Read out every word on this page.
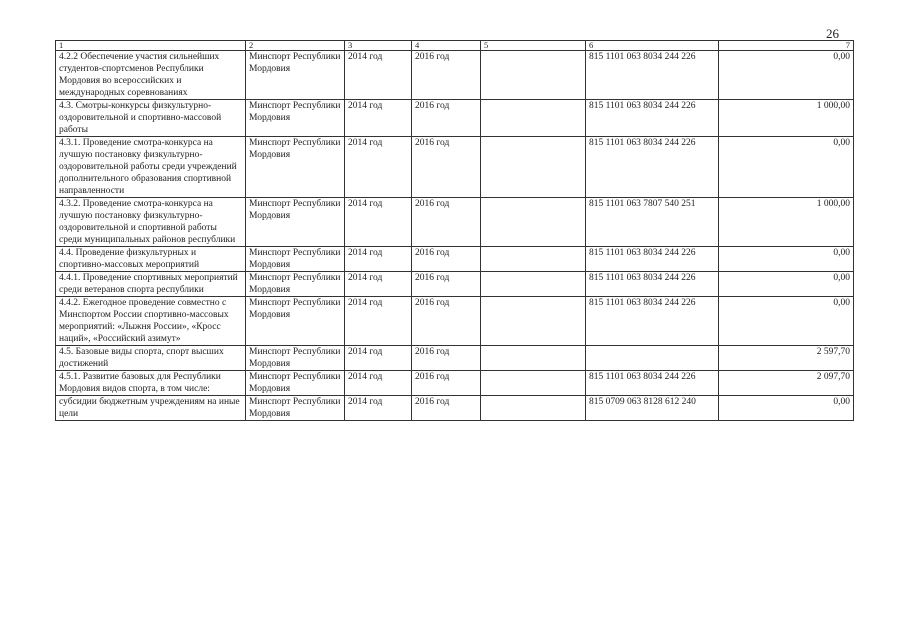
26
1	2	3	4	5	6	7
4.2.2 Обеспечение участия сильнейших студентов-спортсменов Республики Мордовия во всероссийских и международных соревнованиях	Минспорт Республики Мордовия	2014 год	2016 год		815 1101 063 8034 244 226	0,00
4.3. Смотры-конкурсы физкультурно-оздоровительной и спортивно-массовой работы	Минспорт Республики Мордовия	2014 год	2016 год		815 1101 063 8034 244 226	1 000,00
4.3.1. Проведение смотра-конкурса на лучшую постановку физкультурно-оздоровительной работы среди учреждений дополнительного образования спортивной направленности	Минспорт Республики Мордовия	2014 год	2016 год		815 1101 063 8034 244 226	0,00
4.3.2. Проведение смотра-конкурса на лучшую постановку физкультурно-оздоровительной и спортивной работы среди муниципальных районов республики	Минспорт Республики Мордовия	2014 год	2016 год		815 1101 063 7807 540 251	1 000,00
4.4. Проведение физкультурных и спортивно-массовых мероприятий	Минспорт Республики Мордовия	2014 год	2016 год		815 1101 063 8034 244 226	0,00
4.4.1. Проведение спортивных мероприятий среди ветеранов спорта республики	Минспорт Республики Мордовия	2014 год	2016 год		815 1101 063 8034 244 226	0,00
4.4.2. Ежегодное проведение совместно с Минспортом России спортивно-массовых мероприятий: «Лыжня России», «Кросс наций», «Российский азимут»	Минспорт Республики Мордовия	2014 год	2016 год		815 1101 063 8034 244 226	0,00
4.5. Базовые виды спорта, спорт высших достижений	Минспорт Республики Мордовия	2014 год	2016 год			2 597,70
4.5.1. Развитие базовых для Республики Мордовия видов спорта, в том числе:	Минспорт Республики Мордовия	2014 год	2016 год		815 1101 063 8034 244 226	2 097,70
субсидии бюджетным учреждениям на иные цели	Минспорт Республики Мордовия	2014 год	2016 год		815 0709 063 8128 612 240	0,00
